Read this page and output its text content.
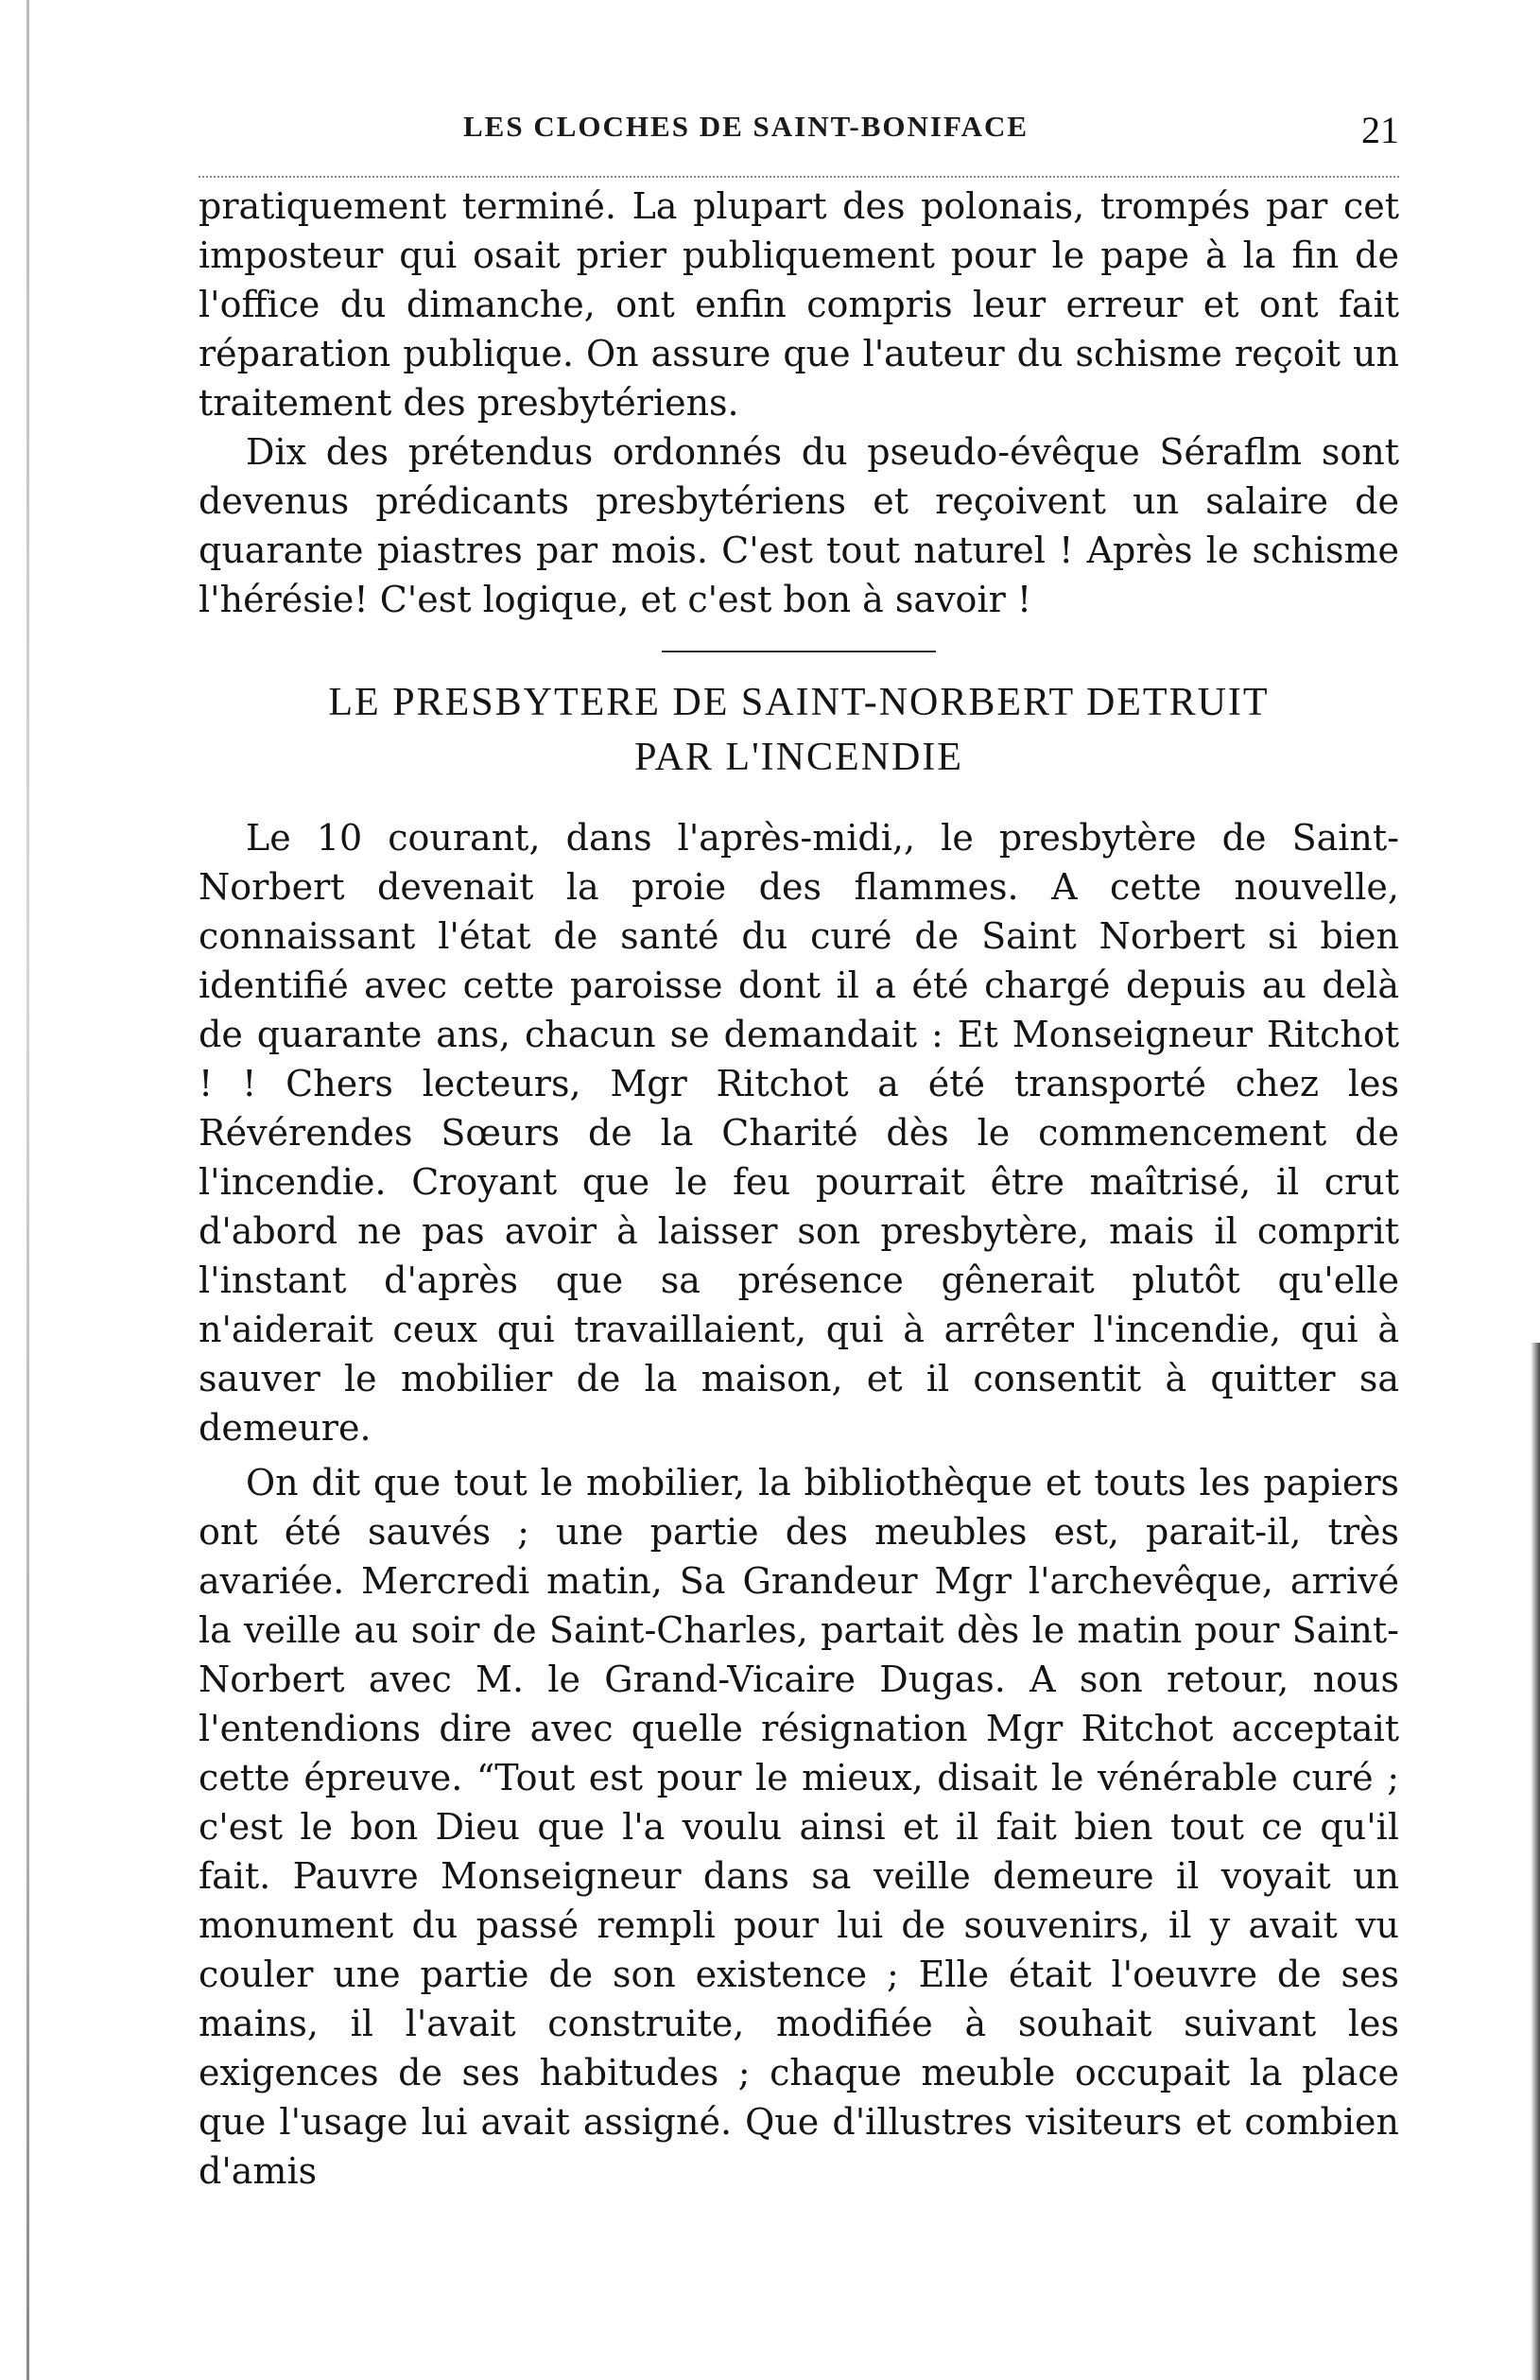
LES CLOCHES DE SAINT-BONIFACE	21

pratiquement terminé. La plupart des polonais, trompés par cet imposteur qui osait prier publiquement pour le pape à la fin de l'office du dimanche, ont enfin compris leur erreur et ont fait réparation publique. On assure que l'auteur du schisme reçoit un traitement des presbytériens.

Dix des prétendus ordonnés du pseudo-évêque Séraflm sont devenus prédicants presbytériens et reçoivent un salaire de quarante piastres par mois. C'est tout naturel ! Après le schisme l'hérésie! C'est logique, et c'est bon à savoir !

LE PRESBYTERE DE SAINT-NORBERT DETRUIT
PAR L'INCENDIE

Le 10 courant, dans l'après-midi,, le presbytère de Saint-Norbert devenait la proie des flammes. A cette nouvelle, connaissant l'état de santé du curé de Saint Norbert si bien identifié avec cette paroisse dont il a été chargé depuis au delà de quarante ans, chacun se demandait : Et Monseigneur Ritchot ! ! Chers lecteurs, Mgr Ritchot a été transporté chez les Révérendes Sœurs de la Charité dès le commencement de l'incendie. Croyant que le feu pourrait être maîtrisé, il crut d'abord ne pas avoir à laisser son presbytère, mais il comprit l'instant d'après que sa présence gênerait plutôt qu'elle n'aiderait ceux qui travaillaient, qui à arrêter l'incendie, qui à sauver le mobilier de la maison, et il consentit à quitter sa demeure.

On dit que tout le mobilier, la bibliothèque et touts les papiers ont été sauvés ; une partie des meubles est, parait-il, très avariée. Mercredi matin, Sa Grandeur Mgr l'archevêque, arrivé la veille au soir de Saint-Charles, partait dès le matin pour Saint-Norbert avec M. le Grand-Vicaire Dugas. A son retour, nous l'entendions dire avec quelle résignation Mgr Ritchot acceptait cette épreuve. “Tout est pour le mieux, disait le vénérable curé ; c'est le bon Dieu que l'a voulu ainsi et il fait bien tout ce qu'il fait. Pauvre Monseigneur dans sa veille demeure il voyait un monument du passé rempli pour lui de souvenirs, il y avait vu couler une partie de son existence ; Elle était l'oeuvre de ses mains, il l'avait construite, modifiée à souhait suivant les exigences de ses habitudes ; chaque meuble occupait la place que l'usage lui avait assigné. Que d'illustres visiteurs et combien d'amis
